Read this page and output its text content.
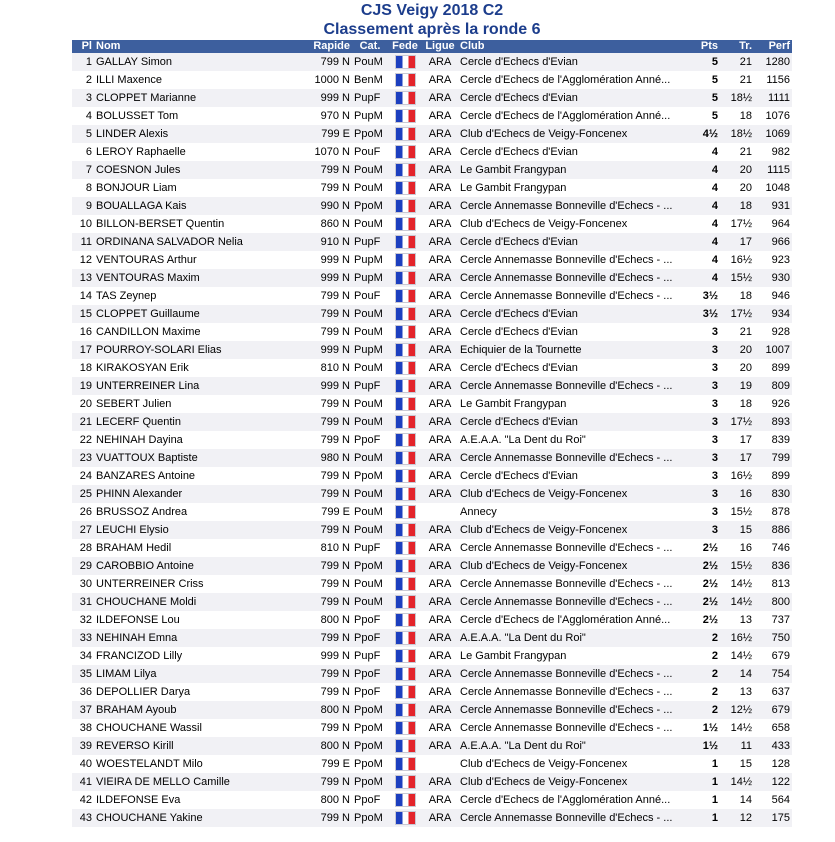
CJS Veigy 2018 C2
Classement après la ronde 6
Pl	Nom	Rapide	Cat.	Fede	Ligue	Club	Pts	Tr.	Perf
1	GALLAY Simon	799 N	PouM		ARA	Cercle d'Echecs d'Evian	5	21	1280
2	ILLI Maxence	1000 N	BenM		ARA	Cercle d'Echecs de l'Agglomération Anné...	5	21	1156
3	CLOPPET Marianne	999 N	PupF		ARA	Cercle d'Echecs d'Evian	5	18½	1111
4	BOLUSSET Tom	970 N	PupM		ARA	Cercle d'Echecs de l'Agglomération Anné...	5	18	1076
5	LINDER Alexis	799 E	PpoM		ARA	Club d'Echecs de Veigy-Foncenex	4½	18½	1069
6	LEROY Raphaelle	1070 N	PouF		ARA	Cercle d'Echecs d'Evian	4	21	982
7	COESNON Jules	799 N	PouM		ARA	Le Gambit Frangypan	4	20	1115
8	BONJOUR Liam	799 N	PouM		ARA	Le Gambit Frangypan	4	20	1048
9	BOUALLAGA Kais	990 N	PpoM		ARA	Cercle Annemasse Bonneville d'Echecs - ...	4	18	931
10	BILLON-BERSET Quentin	860 N	PouM		ARA	Club d'Echecs de Veigy-Foncenex	4	17½	964
11	ORDINANA SALVADOR Nelia	910 N	PupF		ARA	Cercle d'Echecs d'Evian	4	17	966
12	VENTOURAS Arthur	999 N	PupM		ARA	Cercle Annemasse Bonneville d'Echecs - ...	4	16½	923
13	VENTOURAS Maxim	999 N	PupM		ARA	Cercle Annemasse Bonneville d'Echecs - ...	4	15½	930
14	TAS Zeynep	799 N	PouF		ARA	Cercle Annemasse Bonneville d'Echecs - ...	3½	18	946
15	CLOPPET Guillaume	799 N	PouM		ARA	Cercle d'Echecs d'Evian	3½	17½	934
16	CANDILLON Maxime	799 N	PouM		ARA	Cercle d'Echecs d'Evian	3	21	928
17	POURROY-SOLARI Elias	999 N	PupM		ARA	Echiquier de la Tournette	3	20	1007
18	KIRAKOSYAN Erik	810 N	PouM		ARA	Cercle d'Echecs d'Evian	3	20	899
19	UNTERREINER Lina	999 N	PupF		ARA	Cercle Annemasse Bonneville d'Echecs - ...	3	19	809
20	SEBERT Julien	799 N	PouM		ARA	Le Gambit Frangypan	3	18	926
21	LECERF Quentin	799 N	PouM		ARA	Cercle d'Echecs d'Evian	3	17½	893
22	NEHINAH Dayina	799 N	PpoF		ARA	A.E.A.A. "La Dent du Roi"	3	17	839
23	VUATTOUX Baptiste	980 N	PouM		ARA	Cercle Annemasse Bonneville d'Echecs - ...	3	17	799
24	BANZARES Antoine	799 N	PpoM		ARA	Cercle d'Echecs d'Evian	3	16½	899
25	PHINN Alexander	799 N	PouM		ARA	Club d'Echecs de Veigy-Foncenex	3	16	830
26	BRUSSOZ Andrea	799 E	PouM			Annecy	3	15½	878
27	LEUCHI Elysio	799 N	PouM		ARA	Club d'Echecs de Veigy-Foncenex	3	15	886
28	BRAHAM Hedil	810 N	PupF		ARA	Cercle Annemasse Bonneville d'Echecs - ...	2½	16	746
29	CAROBBIO Antoine	799 N	PpoM		ARA	Club d'Echecs de Veigy-Foncenex	2½	15½	836
30	UNTERREINER Criss	799 N	PouM		ARA	Cercle Annemasse Bonneville d'Echecs - ...	2½	14½	813
31	CHOUCHANE Moldi	799 N	PouM		ARA	Cercle Annemasse Bonneville d'Echecs - ...	2½	14½	800
32	ILDEFONSE Lou	800 N	PpoF		ARA	Cercle d'Echecs de l'Agglomération Anné...	2½	13	737
33	NEHINAH Emna	799 N	PpoF		ARA	A.E.A.A. "La Dent du Roi"	2	16½	750
34	FRANCIZOD Lilly	999 N	PupF		ARA	Le Gambit Frangypan	2	14½	679
35	LIMAM Lilya	799 N	PpoF		ARA	Cercle Annemasse Bonneville d'Echecs - ...	2	14	754
36	DEPOLLIER Darya	799 N	PpoF		ARA	Cercle Annemasse Bonneville d'Echecs - ...	2	13	637
37	BRAHAM Ayoub	800 N	PpoM		ARA	Cercle Annemasse Bonneville d'Echecs - ...	2	12½	679
38	CHOUCHANE Wassil	799 N	PpoM		ARA	Cercle Annemasse Bonneville d'Echecs - ...	1½	14½	658
39	REVERSO Kirill	800 N	PpoM		ARA	A.E.A.A. "La Dent du Roi"	1½	11	433
40	WOESTELANDT Milo	799 E	PpoM			Club d'Echecs de Veigy-Foncenex	1	15	128
41	VIEIRA DE MELLO Camille	799 N	PpoM		ARA	Club d'Echecs de Veigy-Foncenex	1	14½	122
42	ILDEFONSE Eva	800 N	PpoF		ARA	Cercle d'Echecs de l'Agglomération Anné...	1	14	564
43	CHOUCHANE Yakine	799 N	PpoM		ARA	Cercle Annemasse Bonneville d'Echecs - ...	1	12	175
